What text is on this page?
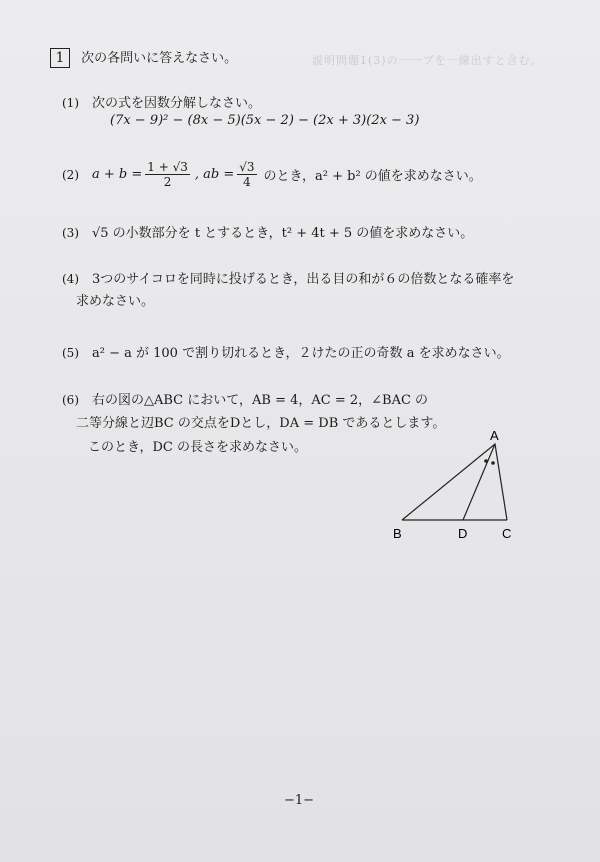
説明問題1(3)の一一ブを一線出すと含む。
1 次の各問いに答えなさい。
(1) 次の式を因数分解しなさい。
(7x − 9)² − (8x − 5)(5x − 2) − (2x + 3)(2x − 3)
(2)	$a + b = \frac{1 + √3}{2}$ , ab = $\frac{√3}{4}$ のとき，a² + b² の値を求めなさい。
(3) √5 の小数部分を t とするとき，t² + 4t + 5 の値を求めなさい。
(4) 3つのサイコロを同時に投げるとき，出る目の和が６の倍数となる確率を
求めなさい。
(5) a² − a が 100 で割り切れるとき，２けたの正の奇数 a を求めなさい。
(6) 右の図の△ABC において，AB = 4，AC = 2，∠BAC の
二等分線と辺BC の交点をDとし，DA = DB であるとします。
このとき，DC の長さを求めなさい。
A
B	D	C
−1−
